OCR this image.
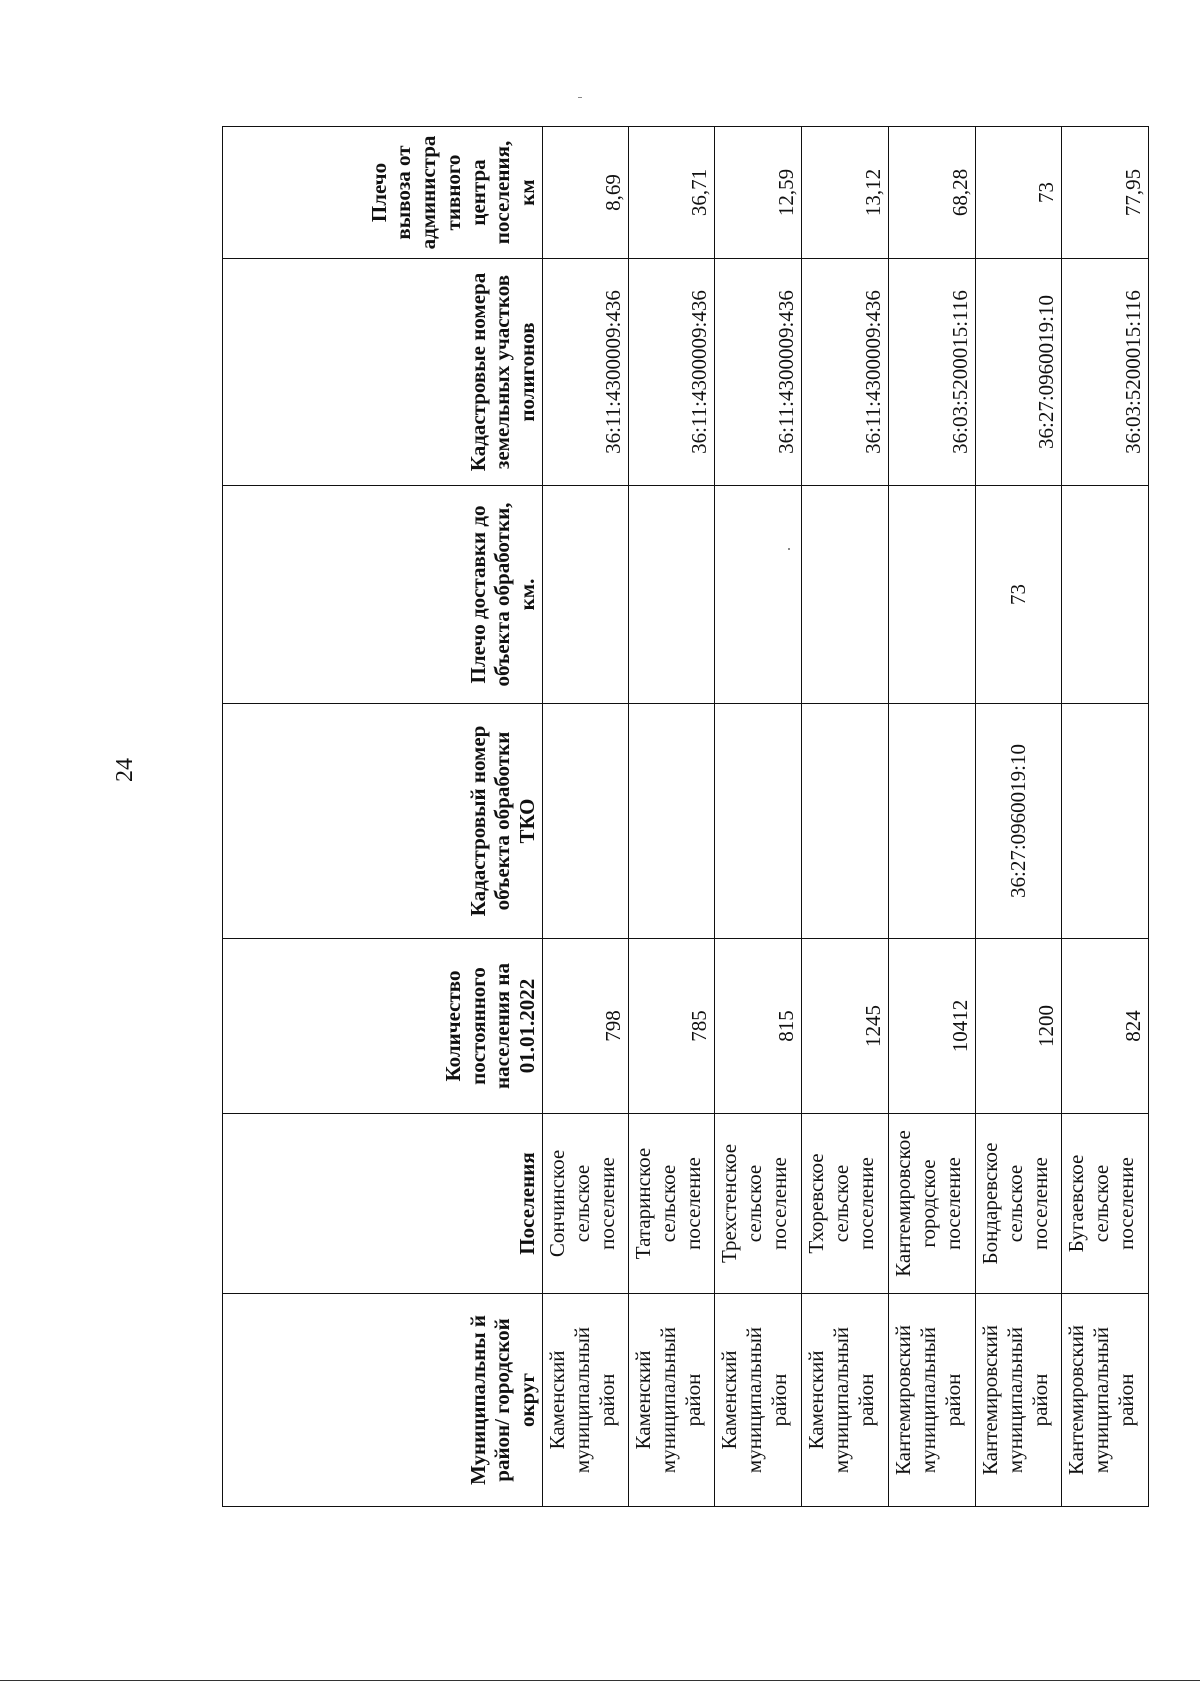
24
Муниципальны й район/ городской округ	Поселения	Количество постоянного населения на 01.01.2022	Кадастровый номер объекта обработки ТКО	Плечо доставки до объекта обработки, км.	Кадастровые номера земельных участков полигонов	Плечо вывоза от администра тивного центра поселения, км
Каменский муниципальный район	Сончинское сельское поселение	798			36:11:4300009:436	8,69
Каменский муниципальный район	Татаринское сельское поселение	785			36:11:4300009:436	36,71
Каменский муниципальный район	Трехстенское сельское поселение	815			36:11:4300009:436	12,59
Каменский муниципальный район	Тхоревское сельское поселение	1245			36:11:4300009:436	13,12
Кантемировский муниципальный район	Кантемировское городское поселение	10412			36:03:5200015:116	68,28
Кантемировский муниципальный район	Бондаревское сельское поселение	1200	36:27:0960019:10	73	36:27:0960019:10	73
Кантемировский муниципальный район	Бугаевское сельское поселение	824			36:03:5200015:116	77,95
